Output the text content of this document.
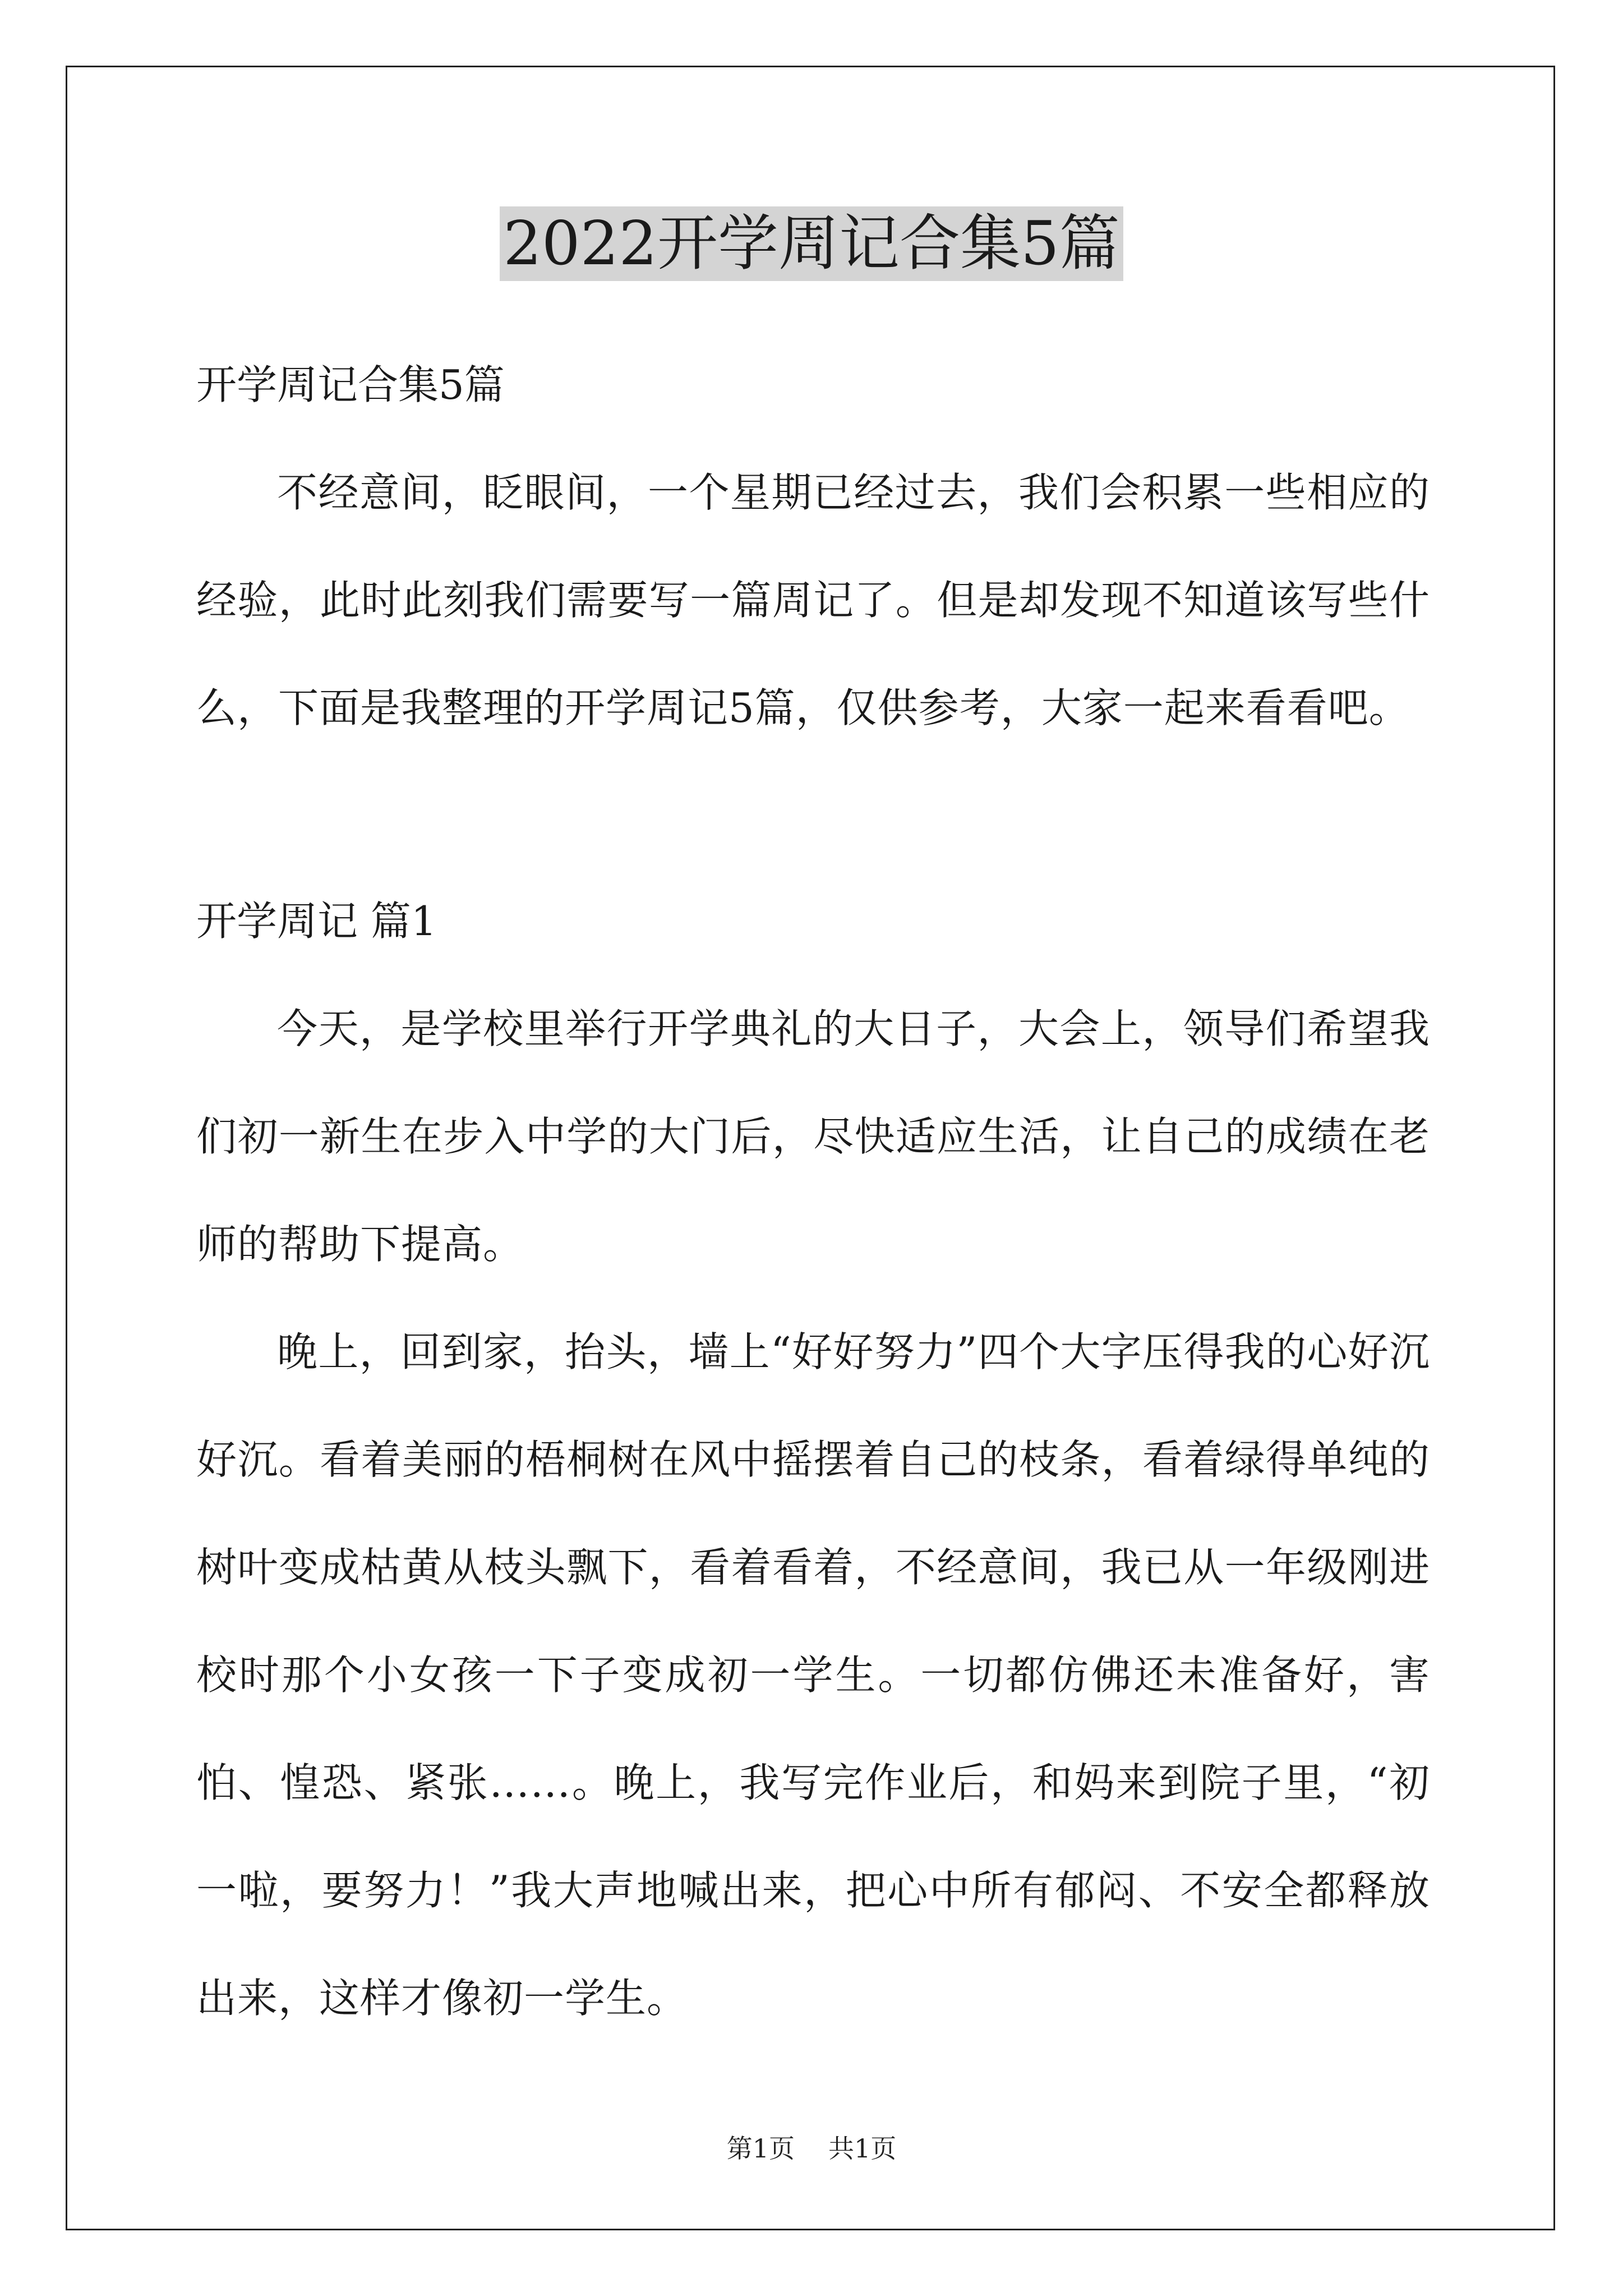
2022开学周记合集5篇

开学周记合集5篇

不经意间，眨眼间，一个星期已经过去，我们会积累一些相应的经验，此时此刻我们需要写一篇周记了。但是却发现不知道该写些什么，下面是我整理的开学周记5篇，仅供参考，大家一起来看看吧。

开学周记 篇1

今天，是学校里举行开学典礼的大日子，大会上，领导们希望我们初一新生在步入中学的大门后，尽快适应生活，让自己的成绩在老师的帮助下提高。

晚上，回到家，抬头，墙上“好好努力”四个大字压得我的心好沉好沉。看着美丽的梧桐树在风中摇摆着自己的枝条，看着绿得单纯的树叶变成枯黄从枝头飘下，看着看着，不经意间，我已从一年级刚进校时那个小女孩一下子变成初一学生。一切都仿佛还未准备好，害怕、惶恐、紧张……。晚上，我写完作业后，和妈来到院子里，“初一啦，要努力！”我大声地喊出来，把心中所有郁闷、不安全都释放出来，这样才像初一学生。

第1页 共1页
